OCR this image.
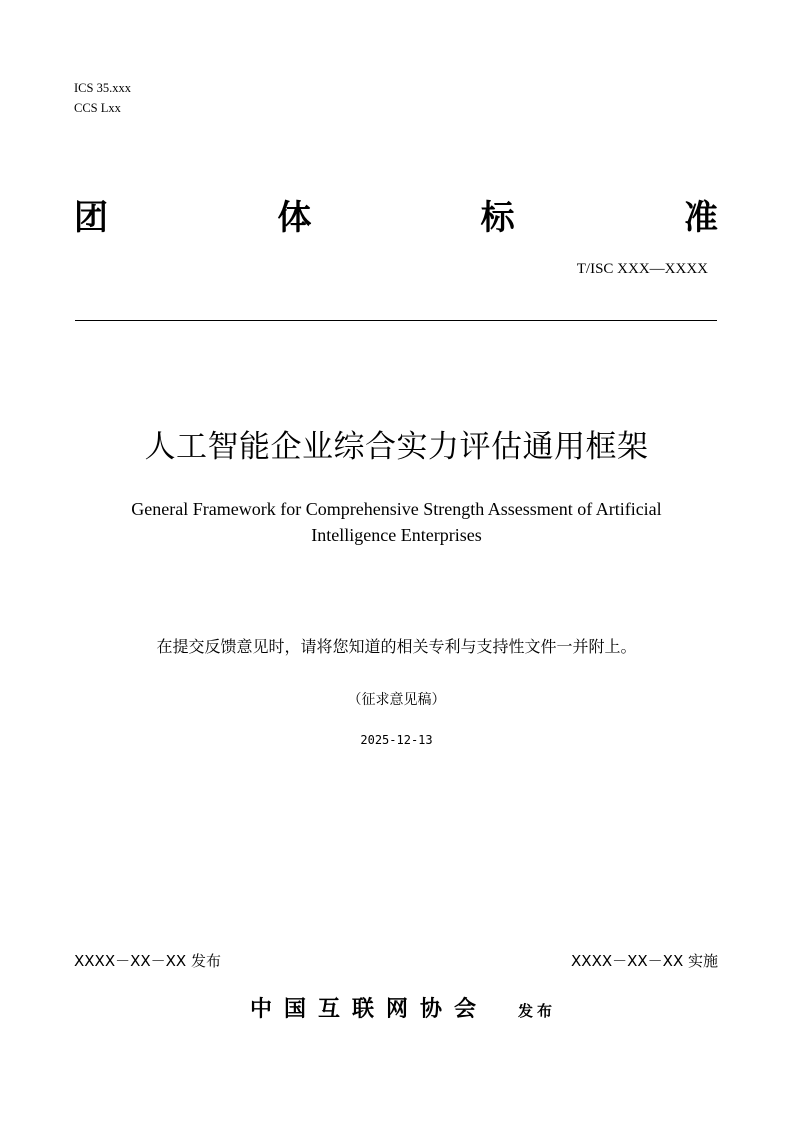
ICS 35.xxx
CCS Lxx
团	体	标	准
T/ISC XXX—XXXX
人工智能企业综合实力评估通用框架
General Framework for Comprehensive Strength Assessment of Artificial Intelligence Enterprises
在提交反馈意见时，请将您知道的相关专利与支持性文件一并附上。
（征求意见稿）
2025-12-13
XXXX－XX－XX 发布	XXXX－XX－XX 实施
中国互联网协会 发布
